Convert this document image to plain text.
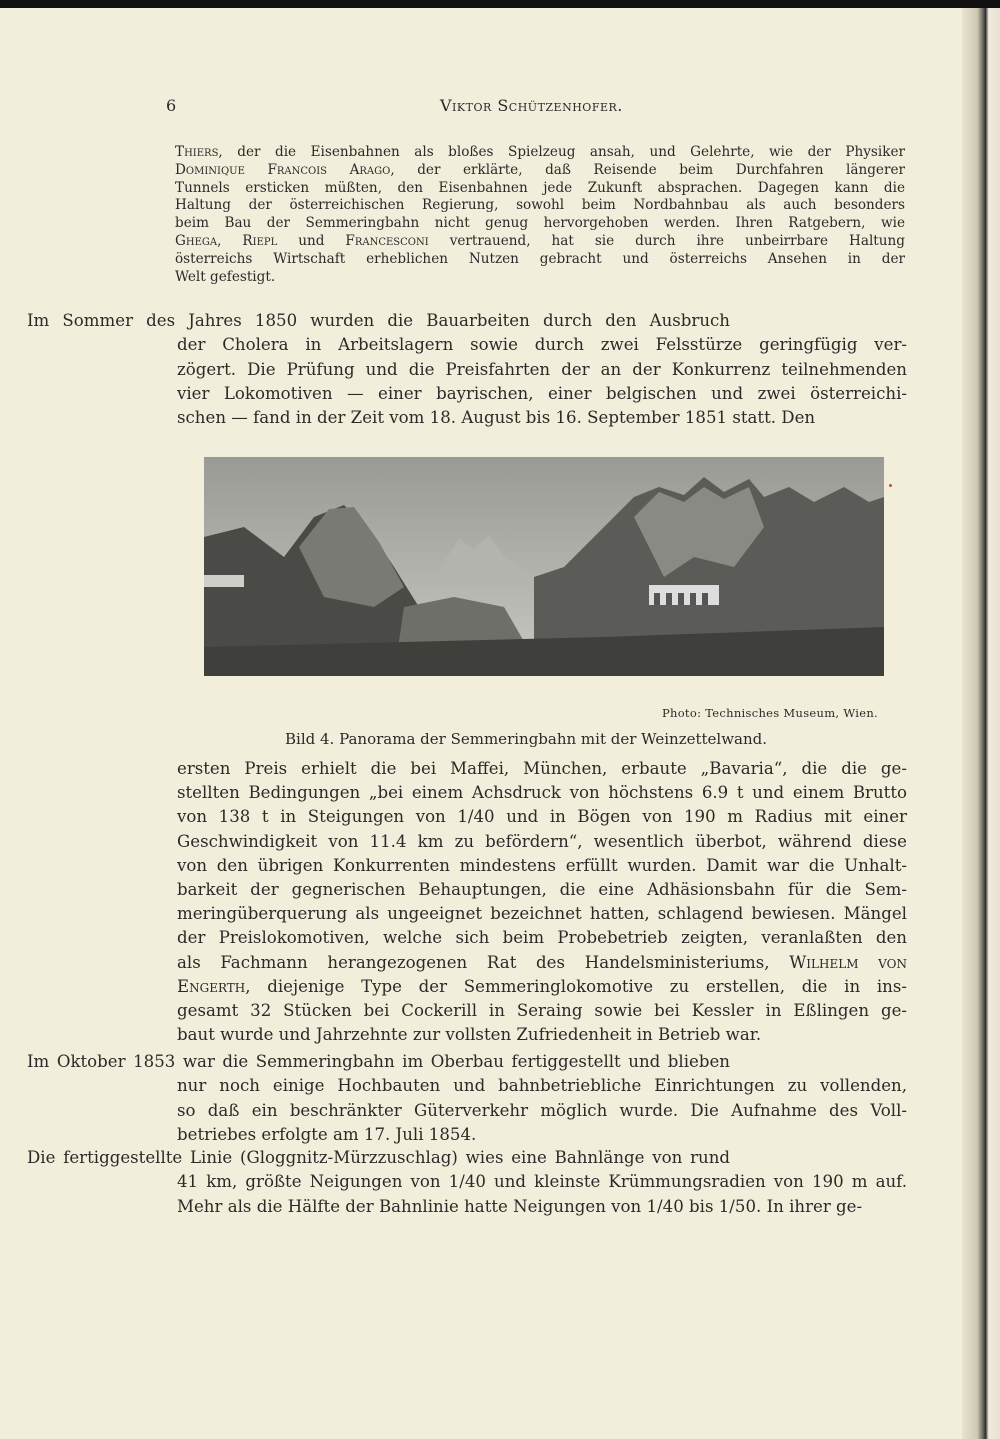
6	Viktor Schützenhofer.
Thiers, der die Eisenbahnen als bloßes Spielzeug ansah, und Gelehrte, wie der Physiker
Dominique Francois Arago, der erklärte, daß Reisende beim Durchfahren längerer
Tunnels ersticken müßten, den Eisenbahnen jede Zukunft absprachen. Dagegen kann die
Haltung der österreichischen Regierung, sowohl beim Nordbahnbau als auch besonders
beim Bau der Semmeringbahn nicht genug hervorgehoben werden. Ihren Ratgebern, wie
Ghega, Riepl und Francesconi vertrauend, hat sie durch ihre unbeirrbare Haltung
österreichs Wirtschaft erheblichen Nutzen gebracht und österreichs Ansehen in der
Welt gefestigt.
Im Sommer des Jahres 1850 wurden die Bauarbeiten durch den Ausbruch
der Cholera in Arbeitslagern sowie durch zwei Felsstürze geringfügig ver-
zögert. Die Prüfung und die Preisfahrten der an der Konkurrenz teilnehmenden
vier Lokomotiven — einer bayrischen, einer belgischen und zwei österreichi-
schen — fand in der Zeit vom 18. August bis 16. September 1851 statt. Den
Photo: Technisches Museum, Wien.
Bild 4. Panorama der Semmeringbahn mit der Weinzettelwand.
ersten Preis erhielt die bei Maffei, München, erbaute „Bavaria“, die die ge-
stellten Bedingungen „bei einem Achsdruck von höchstens 6.9 t und einem Brutto
von 138 t in Steigungen von 1/40 und in Bögen von 190 m Radius mit einer
Geschwindigkeit von 11.4 km zu befördern“, wesentlich überbot, während diese
von den übrigen Konkurrenten mindestens erfüllt wurden. Damit war die Unhalt-
barkeit der gegnerischen Behauptungen, die eine Adhäsionsbahn für die Sem-
meringüberquerung als ungeeignet bezeichnet hatten, schlagend bewiesen. Mängel
der Preislokomotiven, welche sich beim Probebetrieb zeigten, veranlaßten den
als Fachmann herangezogenen Rat des Handelsministeriums, Wilhelm von
Engerth, diejenige Type der Semmeringlokomotive zu erstellen, die in ins-
gesamt 32 Stücken bei Cockerill in Seraing sowie bei Kessler in Eßlingen ge-
baut wurde und Jahrzehnte zur vollsten Zufriedenheit in Betrieb war.
Im Oktober 1853 war die Semmeringbahn im Oberbau fertiggestellt und blieben
nur noch einige Hochbauten und bahnbetriebliche Einrichtungen zu vollenden,
so daß ein beschränkter Güterverkehr möglich wurde. Die Aufnahme des Voll-
betriebes erfolgte am 17. Juli 1854.
Die fertiggestellte Linie (Gloggnitz-Mürzzuschlag) wies eine Bahnlänge von rund
41 km, größte Neigungen von 1/40 und kleinste Krümmungsradien von 190 m auf.
Mehr als die Hälfte der Bahnlinie hatte Neigungen von 1/40 bis 1/50. In ihrer ge-
